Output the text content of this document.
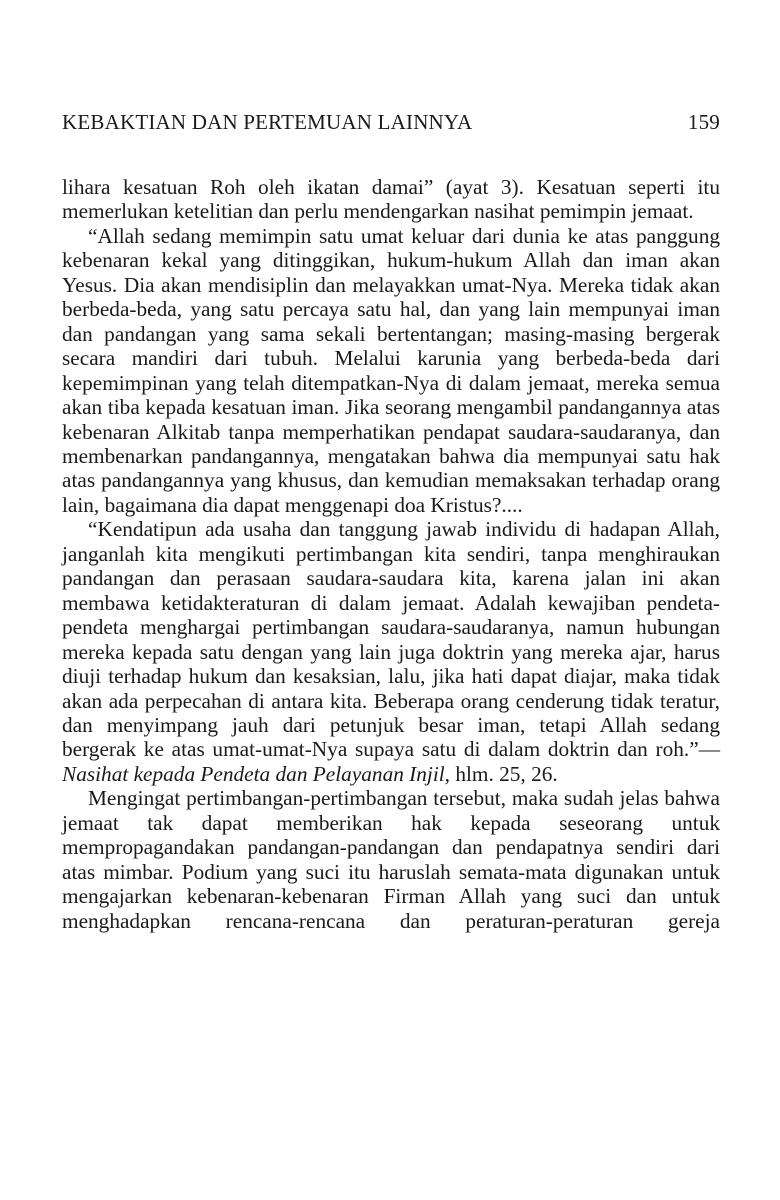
KEBAKTIAN DAN PERTEMUAN LAINNYA	159

lihara kesatuan Roh oleh ikatan damai” (ayat 3). Kesatuan seperti itu memerlukan ketelitian dan perlu mendengarkan nasihat pemimpin jemaat.

“Allah sedang memimpin satu umat keluar dari dunia ke atas panggung kebenaran kekal yang ditinggikan, hukum-hukum Allah dan iman akan Yesus. Dia akan mendisiplin dan melayakkan umat-Nya. Mereka tidak akan berbeda-beda, yang satu percaya satu hal, dan yang lain mempunyai iman dan pandangan yang sama sekali bertentangan; masing-masing bergerak secara mandiri dari tubuh. Melalui karunia yang berbeda-beda dari kepemimpinan yang telah ditempatkan-Nya di dalam jemaat, mereka semua akan tiba kepada kesatuan iman. Jika seorang mengambil pandangannya atas kebenaran Alkitab tanpa memperhatikan pendapat saudara-saudaranya, dan membenarkan pandangannya, mengatakan bahwa dia mempunyai satu hak atas pandangannya yang khusus, dan kemudian memaksakan terhadap orang lain, bagaimana dia dapat menggenapi doa Kristus?....

“Kendatipun ada usaha dan tanggung jawab individu di hadapan Allah, janganlah kita mengikuti pertimbangan kita sendiri, tanpa menghiraukan pandangan dan perasaan saudara-saudara kita, karena jalan ini akan membawa ketidakteraturan di dalam jemaat. Adalah kewajiban pendeta-pendeta menghargai pertimbangan saudara-saudaranya, namun hubungan mereka kepada satu dengan yang lain juga doktrin yang mereka ajar, harus diuji terhadap hukum dan kesaksian, lalu, jika hati dapat diajar, maka tidak akan ada perpecahan di antara kita. Beberapa orang cenderung tidak teratur, dan menyimpang jauh dari petunjuk besar iman, tetapi Allah sedang bergerak ke atas umat-umat-Nya supaya satu di dalam doktrin dan roh.”—Nasihat kepada Pendeta dan Pelayanan Injil, hlm. 25, 26.

Mengingat pertimbangan-pertimbangan tersebut, maka sudah jelas bahwa jemaat tak dapat memberikan hak kepada seseorang untuk mempropagandakan pandangan-pandangan dan pendapatnya sendiri dari atas mimbar. Podium yang suci itu haruslah semata-mata digunakan untuk mengajarkan kebenaran-kebenaran Firman Allah yang suci dan untuk menghadapkan rencana-rencana dan peraturan-peraturan gereja
